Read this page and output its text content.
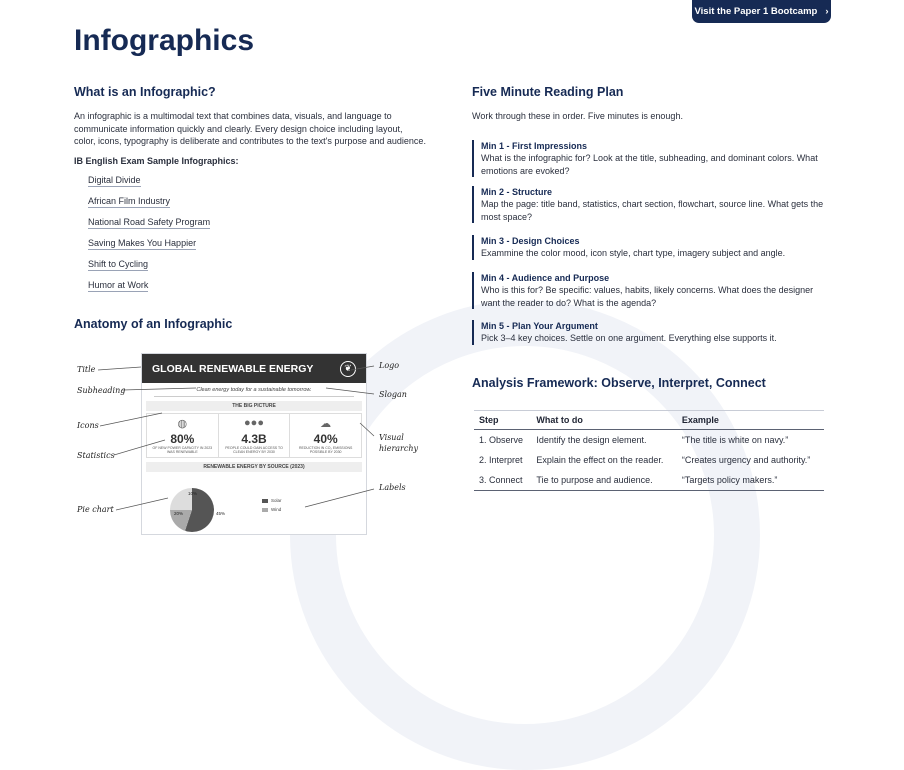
Visit the Paper 1 Bootcamp ›
Infographics
What is an Infographic?

An infographic is a multimodal text that combines data, visuals, and language to communicate information quickly and clearly. Every design choice including layout, color, icons, typography is deliberate and contributes to the text's purpose and audience.

IB English Exam Sample Infographics:

Digital Divide
African Film Industry
National Road Safety Program
Saving Makes You Happier
Shift to Cycling
Humor at Work
Anatomy of an Infographic
GLOBAL RENEWABLE ENERGY	❦
Clean energy today for a sustainable tomorrow.
THE BIG PICTURE
◍
80%
OF NEW POWER CAPACITY IN 2023 WAS RENEWABLE
●●●
4.3B
PEOPLE COULD GAIN ACCESS TO CLEAN ENERGY BY 2030
☁
40%
REDUCTION IN CO₂ EMISSIONS POSSIBLE BY 2030
RENEWABLE ENERGY BY SOURCE (2023)
10%
20%	45%
Solar
Wind
Title
Subheading
Icons
Statistics
Pie chart
Logo
Slogan
Visual hierarchy
Labels
Five Minute Reading Plan

Work through these in order. Five minutes is enough.

Min 1 - First Impressions
What is the infographic for? Look at the title, subheading, and dominant colors. What emotions are evoked?
Min 2 - Structure
Map the page: title band, statistics, chart section, flowchart, source line. What gets the most space?
Min 3 - Design Choices
Exammine the color mood, icon style, chart type, imagery subject and angle.
Min 4 - Audience and Purpose
Who is this for? Be specific: values, habits, likely concerns. What does the designer want the reader to do? What is the agenda?
Min 5 - Plan Your Argument
Pick 3–4 key choices. Settle on one argument. Everything else supports it.
Analysis Framework: Observe, Interpret, Connect
Step	What to do	Example
1. Observe	Identify the design element.	“The title is white on navy.”
2. Interpret	Explain the effect on the reader.	“Creates urgency and authority.”
3. Connect	Tie to purpose and audience.	“Targets policy makers.”
